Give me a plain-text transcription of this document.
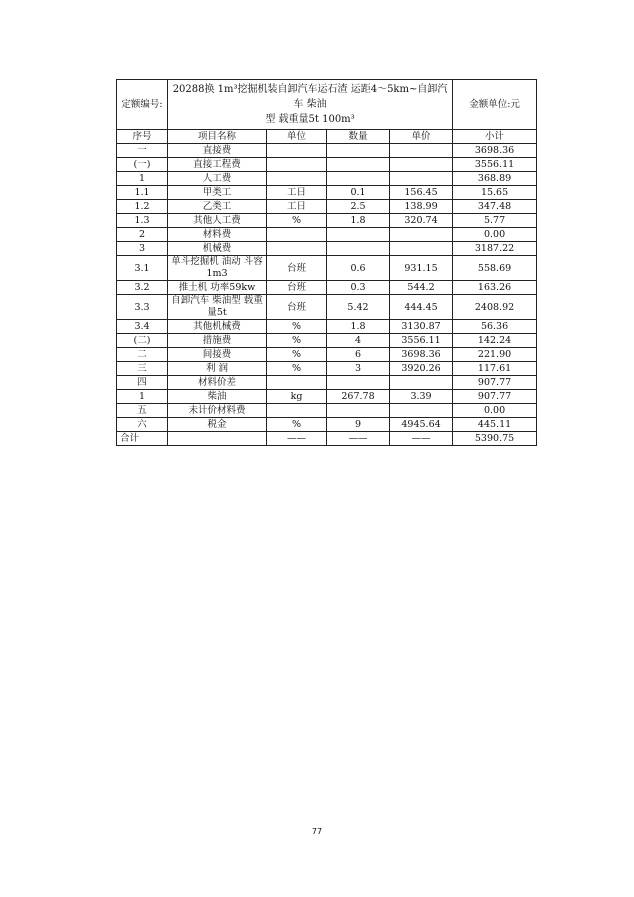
定额编号:	20288换 1m³挖掘机装自卸汽车运石渣 运距4～5km~自卸汽车 柴油
型 载重量5t 100m³				金额单位:元
序号	项目名称	单位	数量	单价	小计
一	直接费				3698.36
(一)	直接工程费				3556.11
1	人工费				368.89
1.1	甲类工	工日	0.1	156.45	15.65
1.2	乙类工	工日	2.5	138.99	347.48
1.3	其他人工费	%	1.8	320.74	5.77
2	材料费				0.00
3	机械费				3187.22
3.1	单斗挖掘机 油动 斗容 1m3	台班	0.6	931.15	558.69
3.2	推土机 功率59kw	台班	0.3	544.2	163.26
3.3	自卸汽车 柴油型 载重量5t	台班	5.42	444.45	2408.92
3.4	其他机械费	%	1.8	3130.87	56.36
(二)	措施费	%	4	3556.11	142.24
二	间接费	%	6	3698.36	221.90
三	利 润	%	3	3920.26	117.61
四	材料价差				907.77
1	柴油	kg	267.78	3.39	907.77
五	未计价材料费				0.00
六	税金	%	9	4945.64	445.11
合计		——	——	——	5390.75
77
